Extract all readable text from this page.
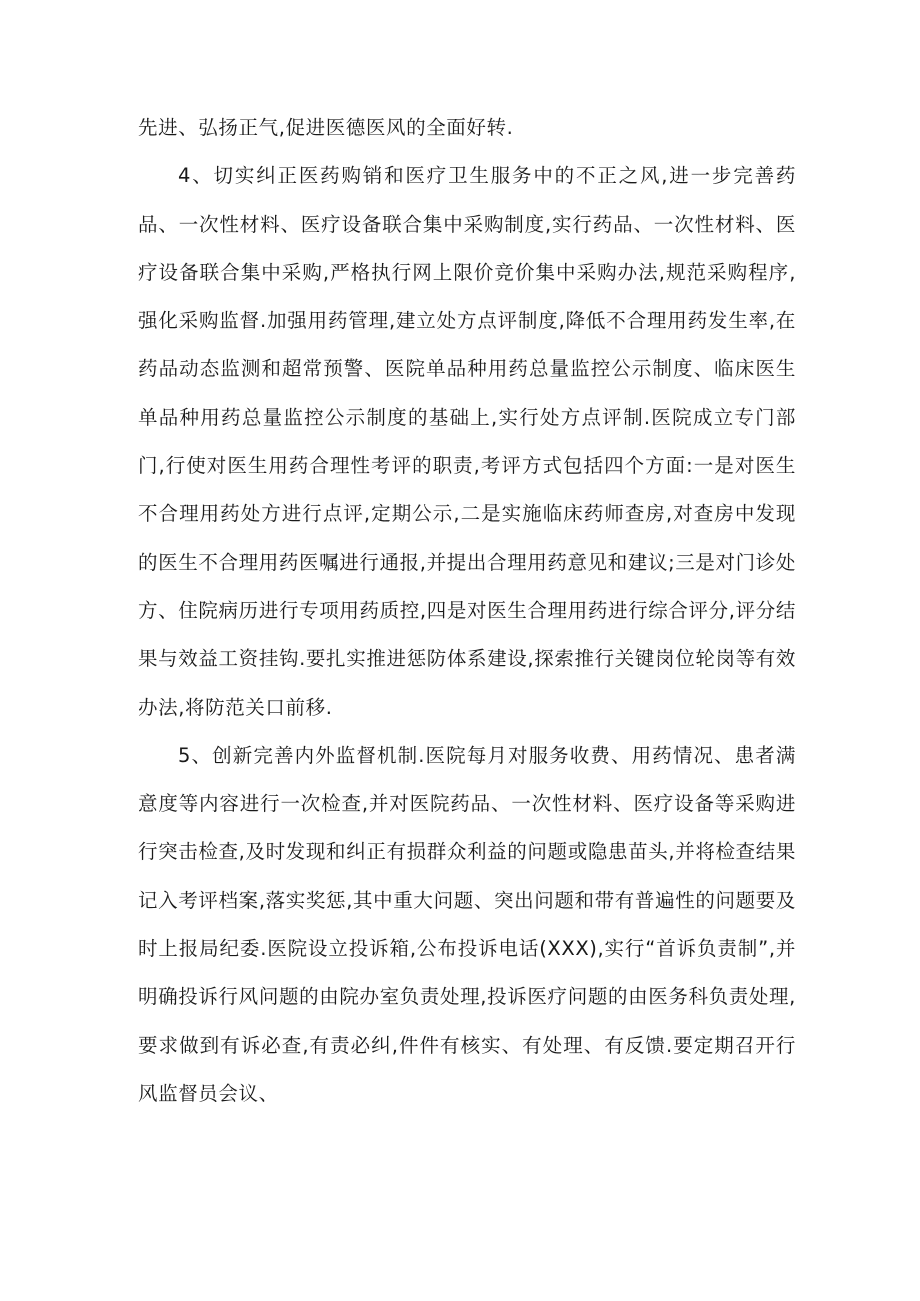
先进、弘扬正气,促进医德医风的全面好转.

4、切实纠正医药购销和医疗卫生服务中的不正之风,进一步完善药品、一次性材料、医疗设备联合集中采购制度,实行药品、一次性材料、医疗设备联合集中采购,严格执行网上限价竞价集中采购办法,规范采购程序,强化采购监督.加强用药管理,建立处方点评制度,降低不合理用药发生率,在药品动态监测和超常预警、医院单品种用药总量监控公示制度、临床医生单品种用药总量监控公示制度的基础上,实行处方点评制.医院成立专门部门,行使对医生用药合理性考评的职责,考评方式包括四个方面:一是对医生不合理用药处方进行点评,定期公示,二是实施临床药师查房,对查房中发现的医生不合理用药医嘱进行通报,并提出合理用药意见和建议;三是对门诊处方、住院病历进行专项用药质控,四是对医生合理用药进行综合评分,评分结果与效益工资挂钩.要扎实推进惩防体系建设,探索推行关键岗位轮岗等有效办法,将防范关口前移.

5、创新完善内外监督机制.医院每月对服务收费、用药情况、患者满意度等内容进行一次检查,并对医院药品、一次性材料、医疗设备等采购进行突击检查,及时发现和纠正有损群众利益的问题或隐患苗头,并将检查结果记入考评档案,落实奖惩,其中重大问题、突出问题和带有普遍性的问题要及时上报局纪委.医院设立投诉箱,公布投诉电话(XXX),实行“首诉负责制”,并明确投诉行风问题的由院办室负责处理,投诉医疗问题的由医务科负责处理,要求做到有诉必查,有责必纠,件件有核实、有处理、有反馈.要定期召开行风监督员会议、
